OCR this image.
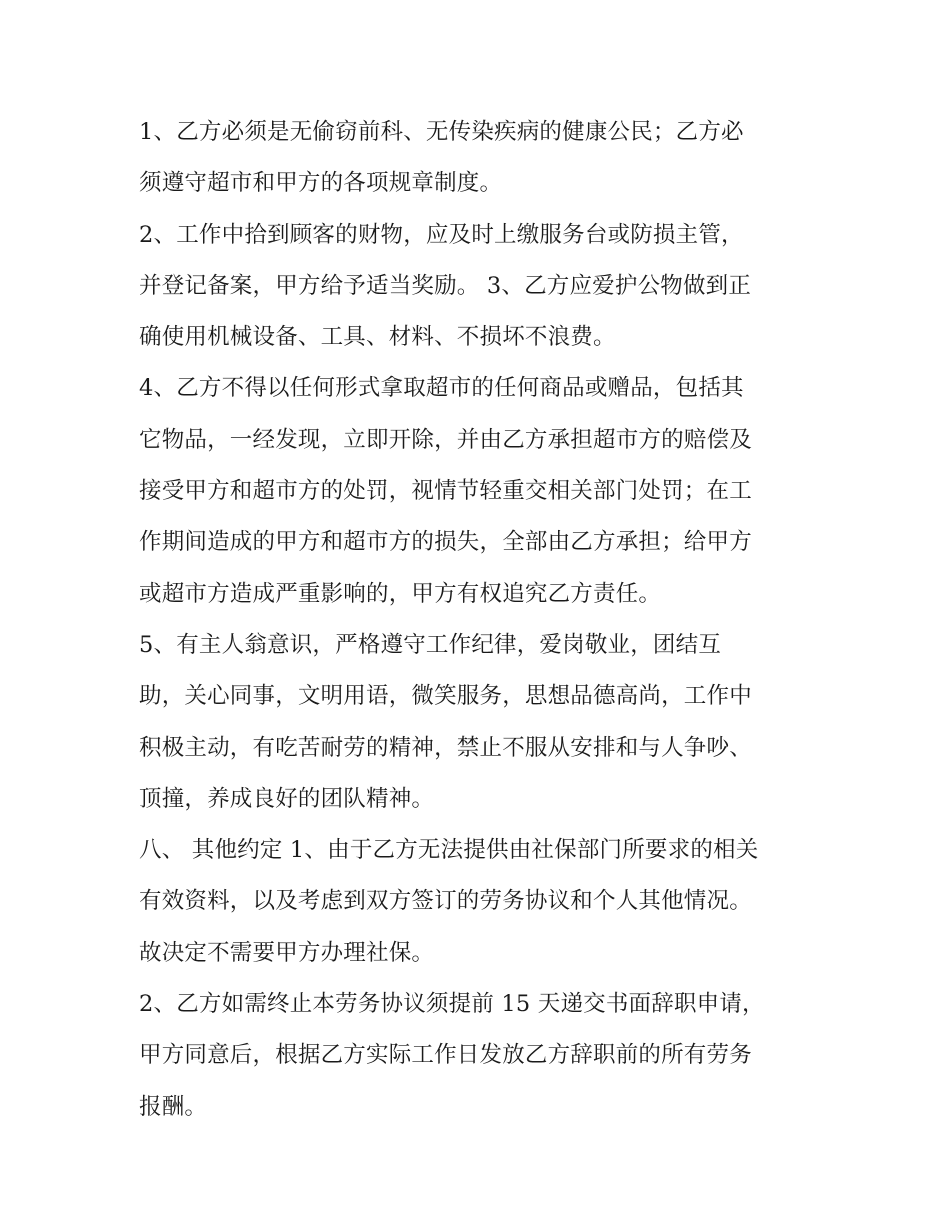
1、乙方必须是无偷窃前科、无传染疾病的健康公民；乙方必
须遵守超市和甲方的各项规章制度。
2、工作中拾到顾客的财物，应及时上缴服务台或防损主管，
并登记备案，甲方给予适当奖励。 3、乙方应爱护公物做到正
确使用机械设备、工具、材料、不损坏不浪费。
4、乙方不得以任何形式拿取超市的任何商品或赠品，包括其
它物品，一经发现，立即开除，并由乙方承担超市方的赔偿及
接受甲方和超市方的处罚，视情节轻重交相关部门处罚；在工
作期间造成的甲方和超市方的损失，全部由乙方承担；给甲方
或超市方造成严重影响的，甲方有权追究乙方责任。
5、有主人翁意识，严格遵守工作纪律，爱岗敬业，团结互
助，关心同事，文明用语，微笑服务，思想品德高尚，工作中
积极主动，有吃苦耐劳的精神，禁止不服从安排和与人争吵、
顶撞，养成良好的团队精神。
八、 其他约定 1、由于乙方无法提供由社保部门所要求的相关
有效资料，以及考虑到双方签订的劳务协议和个人其他情况。
故决定不需要甲方办理社保。
2、乙方如需终止本劳务协议须提前 15 天递交书面辞职申请，
甲方同意后，根据乙方实际工作日发放乙方辞职前的所有劳务
报酬。
